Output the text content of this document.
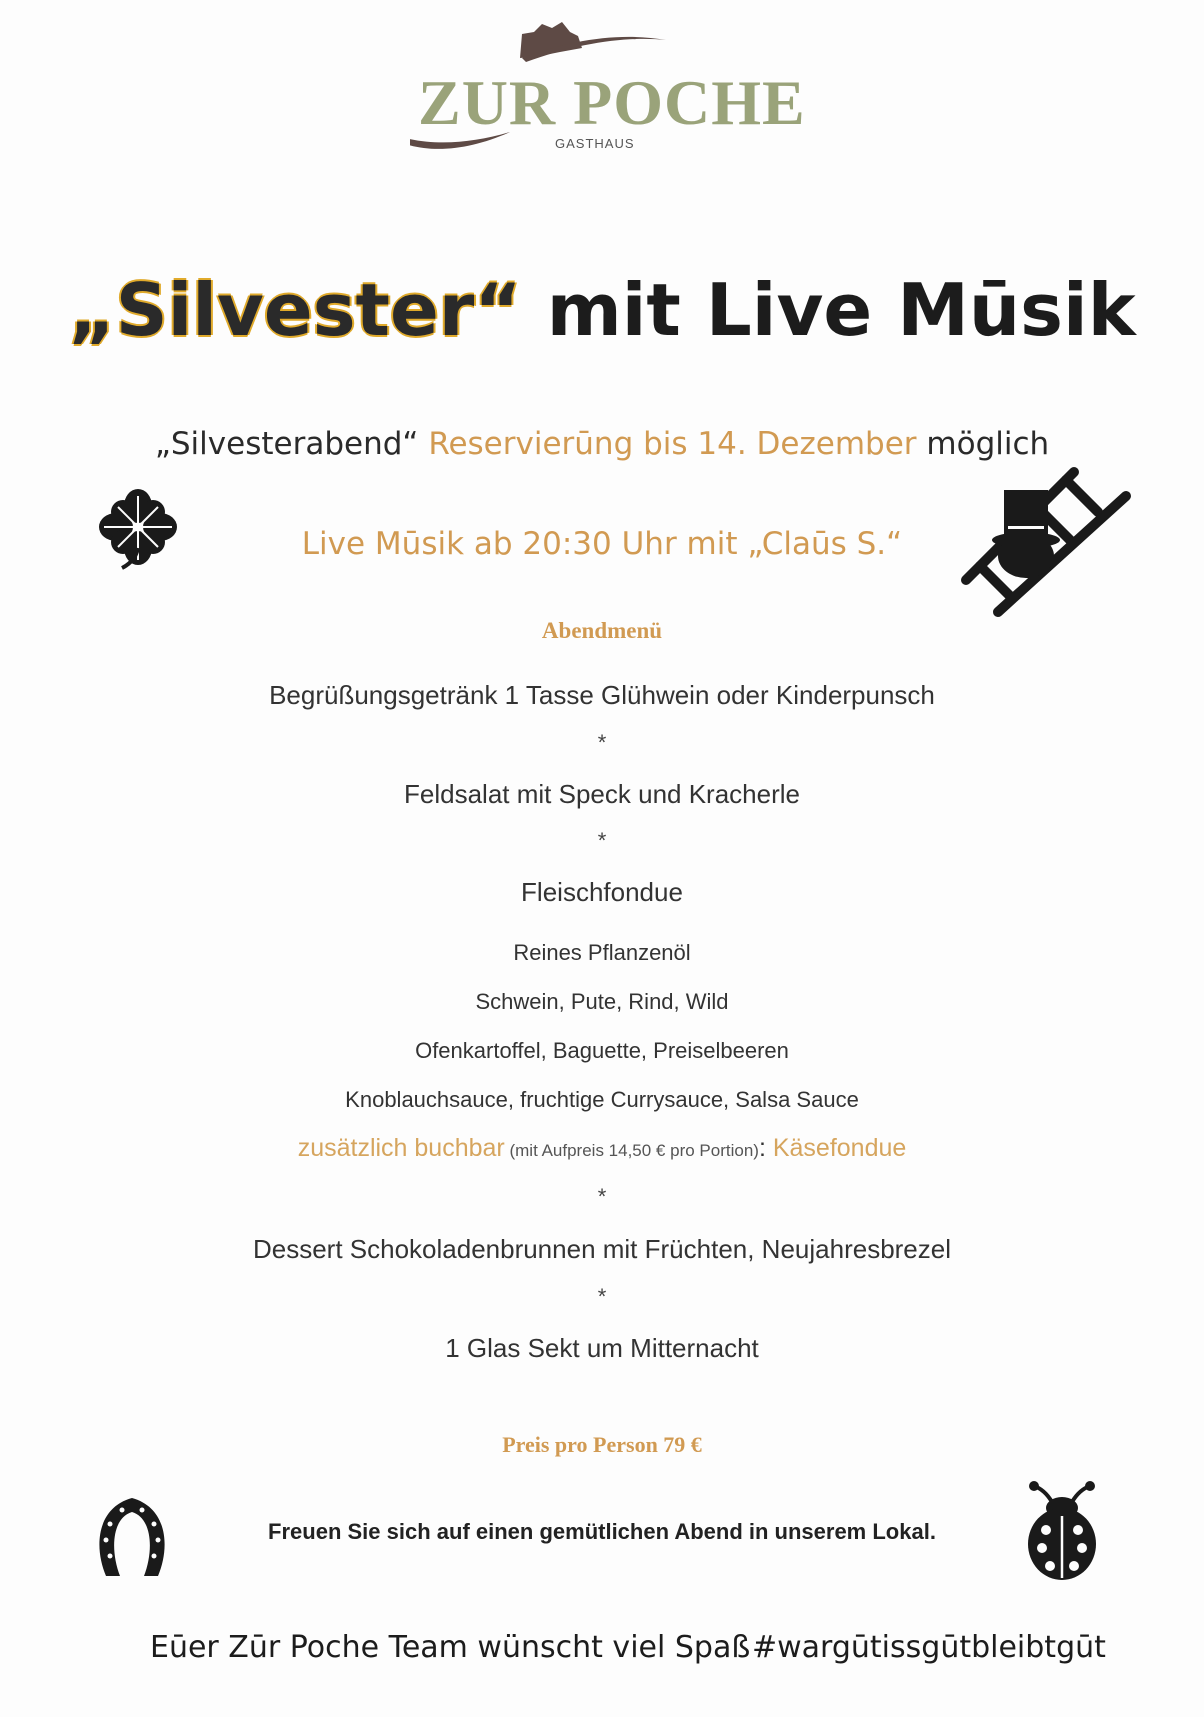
ZUR POCHE
GASTHAUS
„Silvester“ mit Live Mūsik
„Silvesterabend“ Reservierūng bis 14. Dezember möglich
Live Mūsik ab 20:30 Uhr mit „Claūs S.“
Abendmenü
Begrüßungsgetränk 1 Tasse Glühwein oder Kinderpunsch
*
Feldsalat mit Speck und Kracherle
*
Fleischfondue
Reines Pflanzenöl
Schwein, Pute, Rind, Wild
Ofenkartoffel, Baguette, Preiselbeeren
Knoblauchsauce, fruchtige Currysauce, Salsa Sauce
zusätzlich buchbar (mit Aufpreis 14,50 € pro Portion): Käsefondue
*
Dessert Schokoladenbrunnen mit Früchten, Neujahresbrezel
*
1 Glas Sekt um Mitternacht
Preis pro Person 79 €
Freuen Sie sich auf einen gemütlichen Abend in unserem Lokal.
Eūer Zūr Poche Team wünscht viel Spaß #wargūtissgūtbleibtgūt
